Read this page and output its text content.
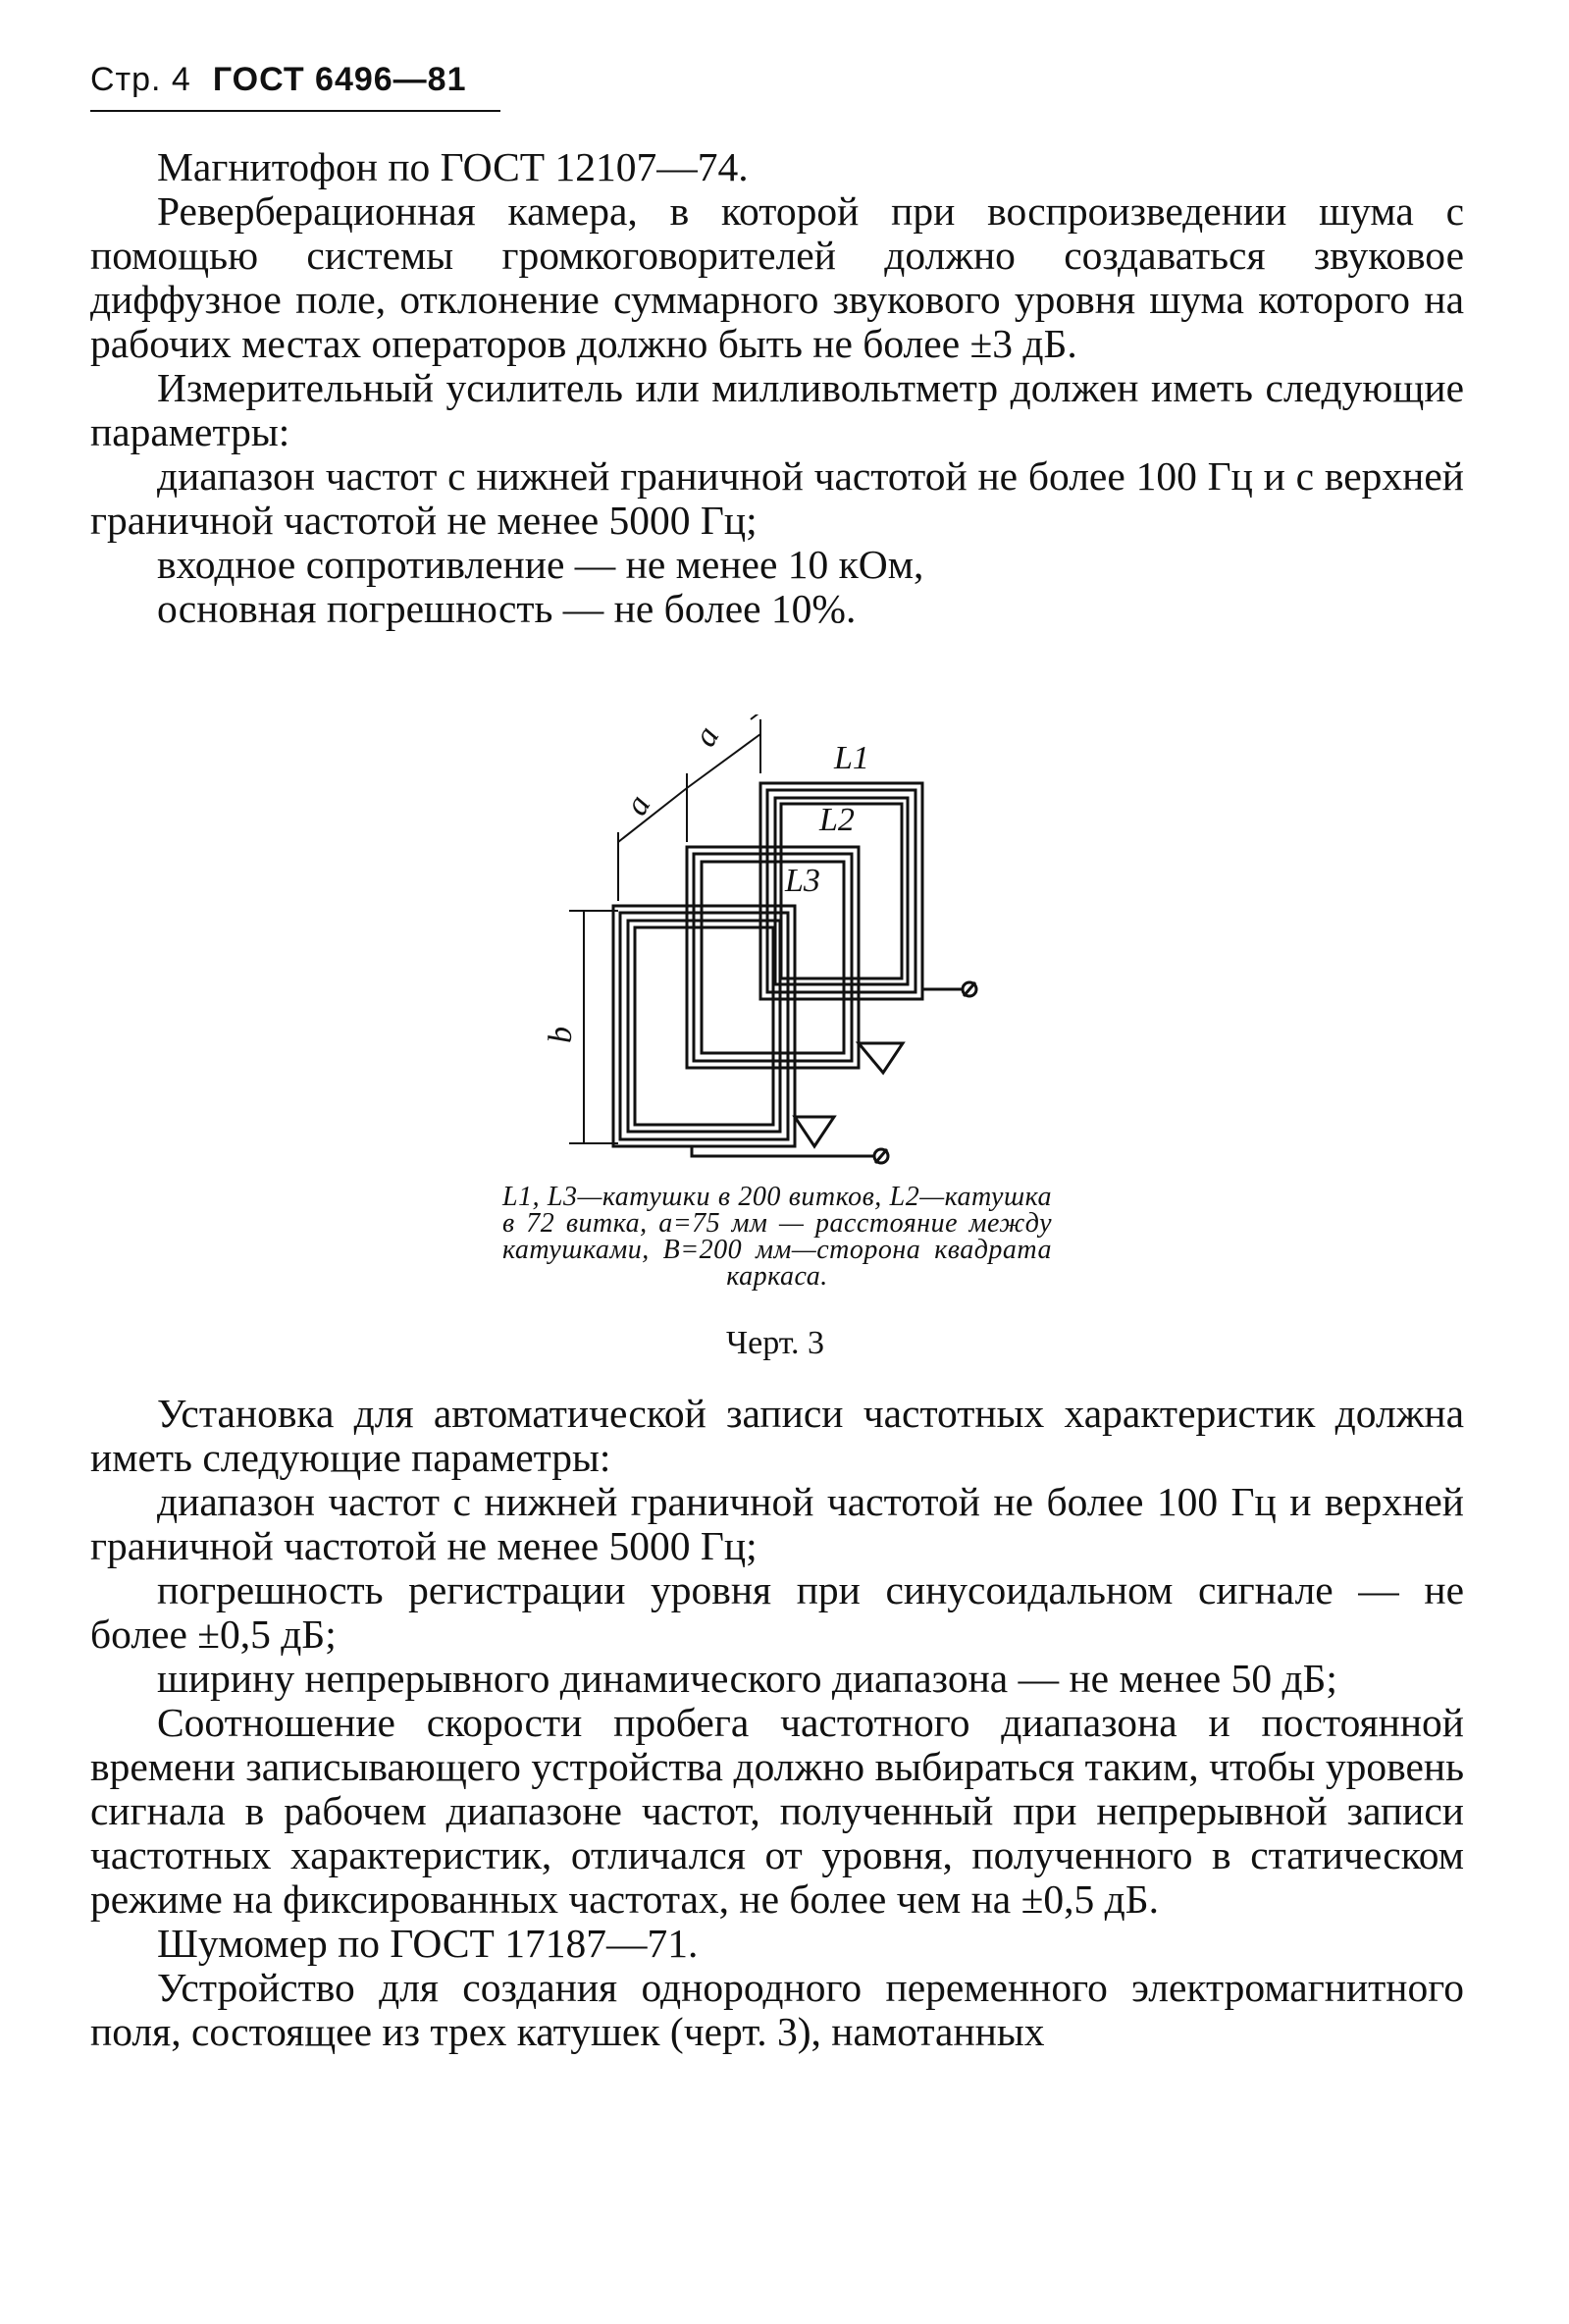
Стр. 4 ГОСТ 6496—81

Магнитофон по ГОСТ 12107—74.

Реверберационная камера, в которой при воспроизведении шума с помощью системы громкоговорителей должно создаваться звуковое диффузное поле, отклонение суммарного звукового уровня шума которого на рабочих местах операторов должно быть не более ±3 дБ.

Измерительный усилитель или милливольтметр должен иметь следующие параметры:

диапазон частот с нижней граничной частотой не более 100 Гц и с верхней граничной частотой не менее 5000 Гц;

входное сопротивление — не менее 10 кОм,

основная погрешность — не более 10%.

L1
L2
L3
a
a
b
L1, L3—катушки в 200 витков, L2—катушка в 72 витка, a=75 мм — расстояние между катушками, B=200 мм—сторона квадрата каркаса.
Черт. 3

Установка для автоматической записи частотных характеристик должна иметь следующие параметры:

диапазон частот с нижней граничной частотой не более 100 Гц и верхней граничной частотой не менее 5000 Гц;

погрешность регистрации уровня при синусоидальном сигнале — не более ±0,5 дБ;

ширину непрерывного динамического диапазона — не менее 50 дБ;

Соотношение скорости пробега частотного диапазона и постоянной времени записывающего устройства должно выбираться таким, чтобы уровень сигнала в рабочем диапазоне частот, полученный при непрерывной записи частотных характеристик, отличался от уровня, полученного в статическом режиме на фиксированных частотах, не более чем на ±0,5 дБ.

Шумомер по ГОСТ 17187—71.

Устройство для создания однородного переменного электромагнитного поля, состоящее из трех катушек (черт. 3), намотанных
